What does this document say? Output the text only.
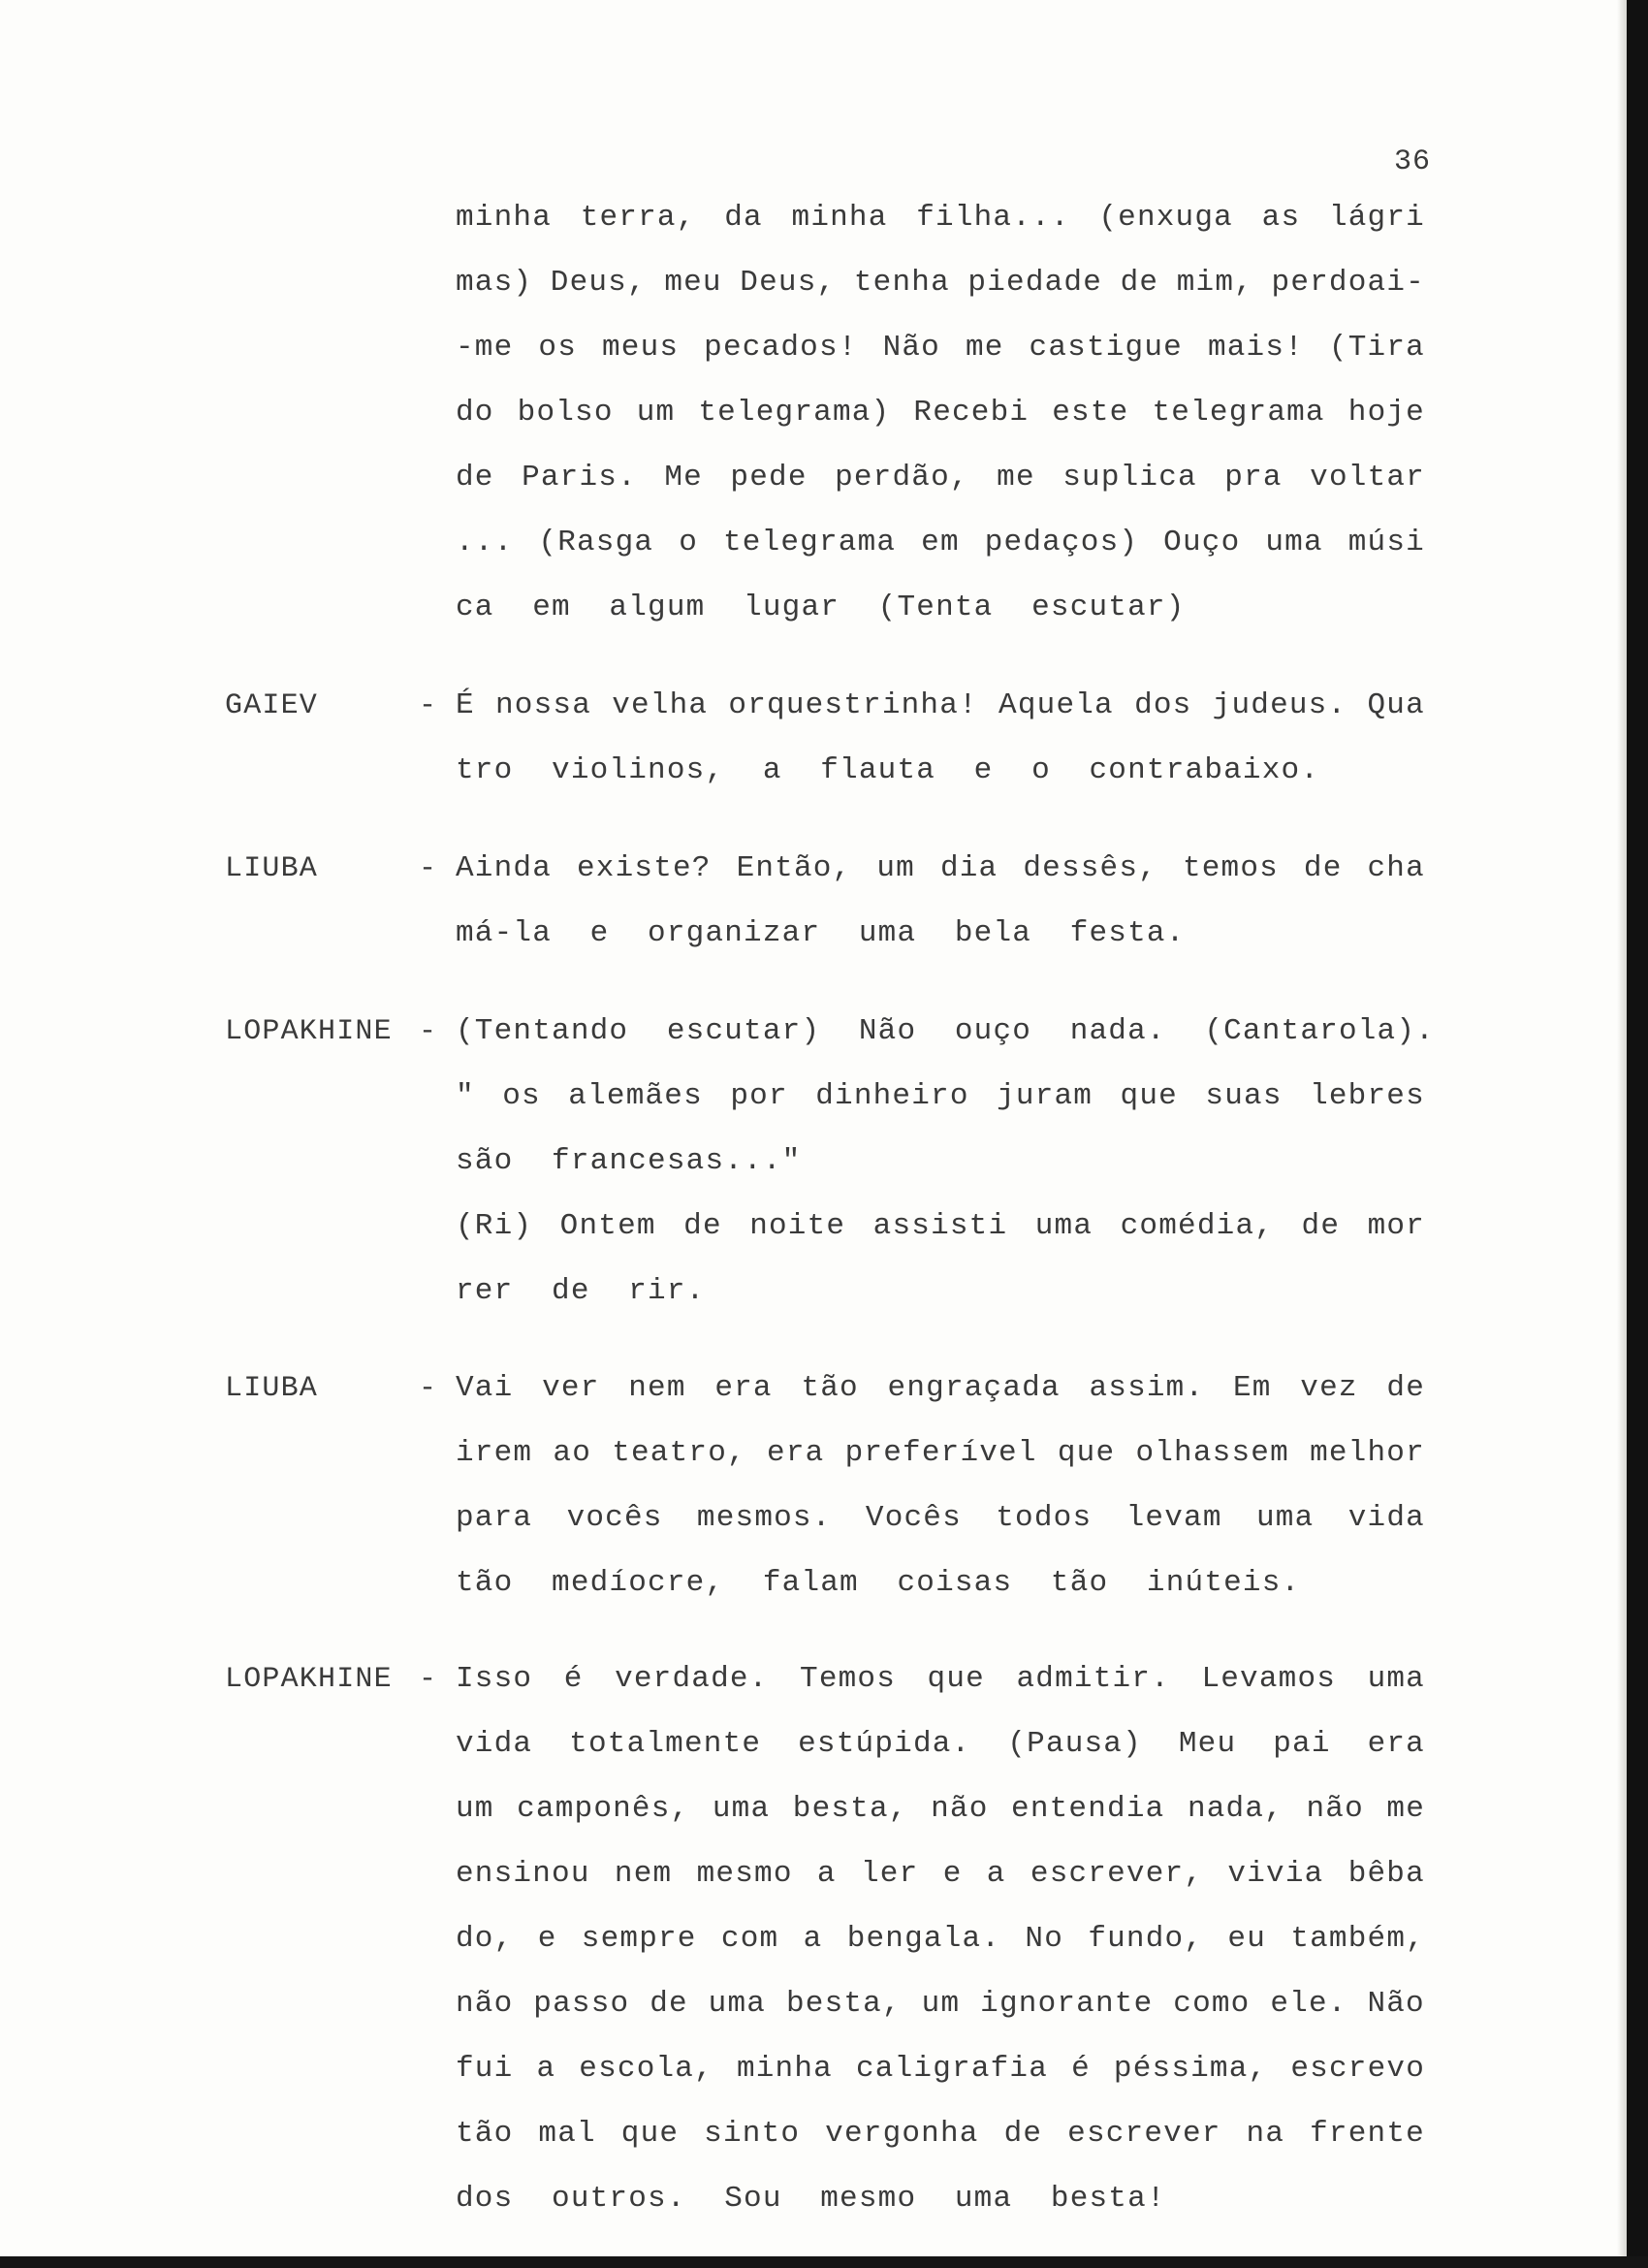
36
minha terra, da minha filha... (enxuga as lágri
mas) Deus, meu Deus, tenha piedade de mim, perdoai-
-me os meus pecados! Não me castigue mais! (Tira
do bolso um telegrama) Recebi este telegrama hoje
de Paris. Me pede perdão, me suplica pra voltar
... (Rasga o telegrama em pedaços) Ouço uma músi
ca  em  algum  lugar  (Tenta  escutar)
GAIEV	- É nossa velha orquestrinha! Aquela dos judeus. Qua
tro  violinos,  a  flauta  e  o  contrabaixo.
LIUBA	- Ainda existe? Então, um dia dessês, temos de cha
má-la  e  organizar  uma  bela  festa.
LOPAKHINE - (Tentando  escutar)  Não  ouço  nada.  (Cantarola).
" os alemães por dinheiro juram que suas lebres
são  francesas..."
(Ri) Ontem de noite assisti uma comédia, de mor
rer  de  rir.
LIUBA	- Vai ver nem era tão engraçada assim. Em vez de
irem ao teatro, era preferível que olhassem melhor
para vocês mesmos. Vocês todos levam uma vida
tão  medíocre,  falam  coisas  tão  inúteis.
LOPAKHINE - Isso é verdade. Temos que admitir. Levamos uma
vida totalmente estúpida. (Pausa) Meu pai era
um camponês, uma besta, não entendia nada, não me
ensinou nem mesmo a ler e a escrever, vivia bêba
do, e sempre com a bengala. No fundo, eu também,
não passo de uma besta, um ignorante como ele. Não
fui a escola, minha caligrafia é péssima, escrevo
tão mal que sinto vergonha de escrever na frente
dos  outros.  Sou  mesmo  uma  besta!
